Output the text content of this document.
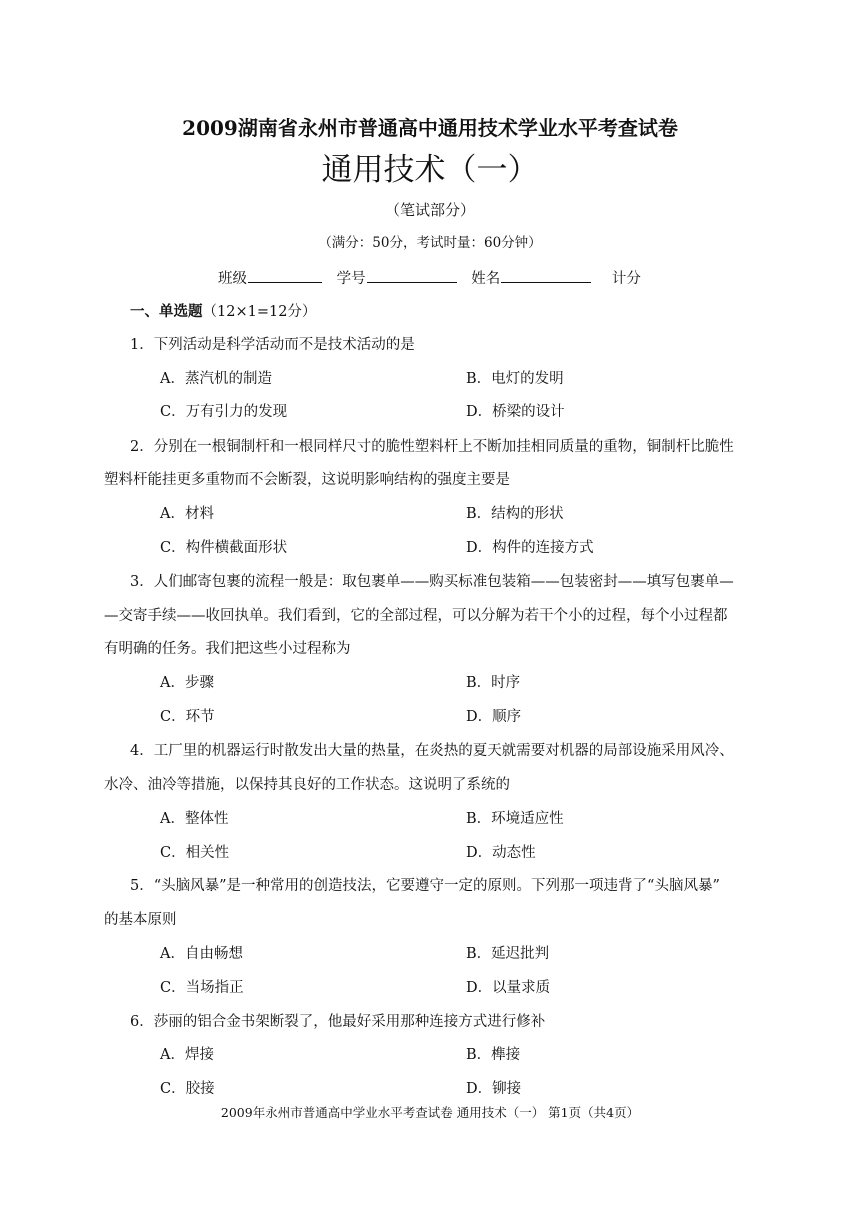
2009湖南省永州市普通高中通用技术学业水平考查试卷
通用技术（一）
（笔试部分）
（满分：50分，考试时量：60分钟）
班级	学号	姓名	计分
一、单选题（12×1=12分）
1．下列活动是科学活动而不是技术活动的是
A．蒸汽机的制造	B．电灯的发明
C．万有引力的发现	D．桥梁的设计
2．分别在一根铜制杆和一根同样尺寸的脆性塑料杆上不断加挂相同质量的重物，铜制杆比脆性
塑料杆能挂更多重物而不会断裂，这说明影响结构的强度主要是
A．材料	B．结构的形状
C．构件横截面形状	D．构件的连接方式
3．人们邮寄包裹的流程一般是：取包裹单——购买标准包装箱——包装密封——填写包裹单—
—交寄手续——收回执单。我们看到，它的全部过程，可以分解为若干个小的过程，每个小过程都
有明确的任务。我们把这些小过程称为
A．步骤	B．时序
C．环节	D．顺序
4．工厂里的机器运行时散发出大量的热量，在炎热的夏天就需要对机器的局部设施采用风冷、
水冷、油冷等措施，以保持其良好的工作状态。这说明了系统的
A．整体性	B．环境适应性
C．相关性	D．动态性
5．“头脑风暴”是一种常用的创造技法，它要遵守一定的原则。下列那一项违背了“头脑风暴”
的基本原则
A．自由畅想	B．延迟批判
C．当场指正	D．以量求质
6．莎丽的铝合金书架断裂了，他最好采用那种连接方式进行修补
A．焊接	B．榫接
C．胶接	D．铆接
2009年永州市普通高中学业水平考查试卷 通用技术（一） 第1页（共4页）
